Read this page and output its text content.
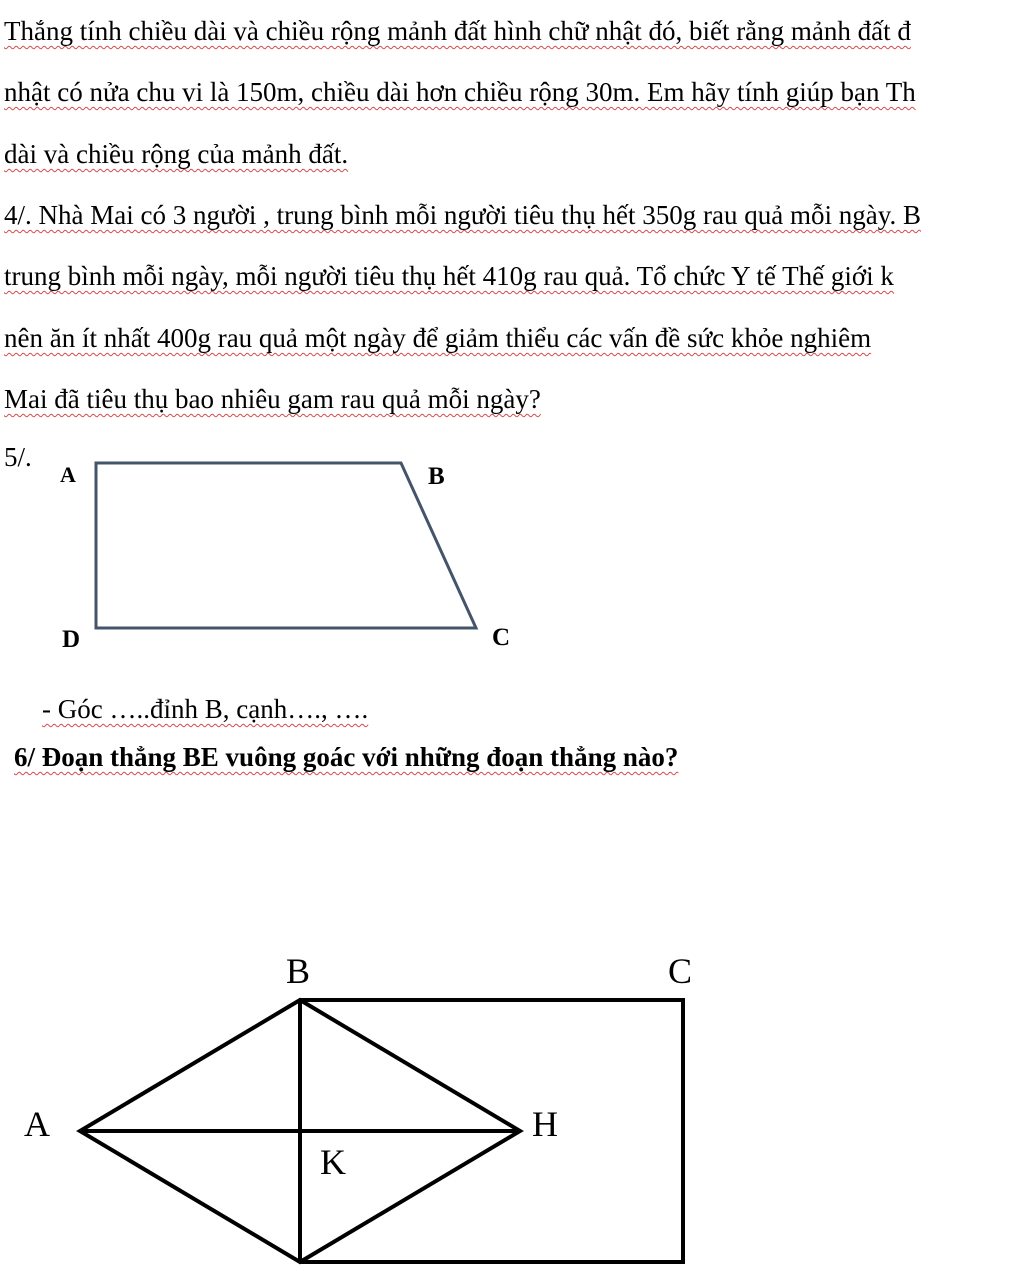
Thắng tính chiều dài và chiều rộng mảnh đất hình chữ nhật đó, biết rằng mảnh đất đ
nhật có nửa chu vi là 150m, chiều dài hơn chiều rộng 30m. Em hãy tính giúp bạn Th
dài và chiều rộng của mảnh đất.
4/. Nhà Mai có 3 người , trung bình mỗi người tiêu thụ hết 350g rau quả mỗi ngày. B
trung bình mỗi ngày, mỗi người tiêu thụ hết 410g rau quả. Tổ chức Y tế Thế giới k
nên ăn ít nhất 400g rau quả một ngày để giảm thiểu các vấn đề sức khỏe nghiêm
Mai đã tiêu thụ bao nhiêu gam rau quả mỗi ngày?
5/.
A	B
D	C
- Góc …..đỉnh B, cạnh…., ….
6/ Đoạn thẳng BE vuông goác với những đoạn thẳng nào?
B	C
A	H
K
